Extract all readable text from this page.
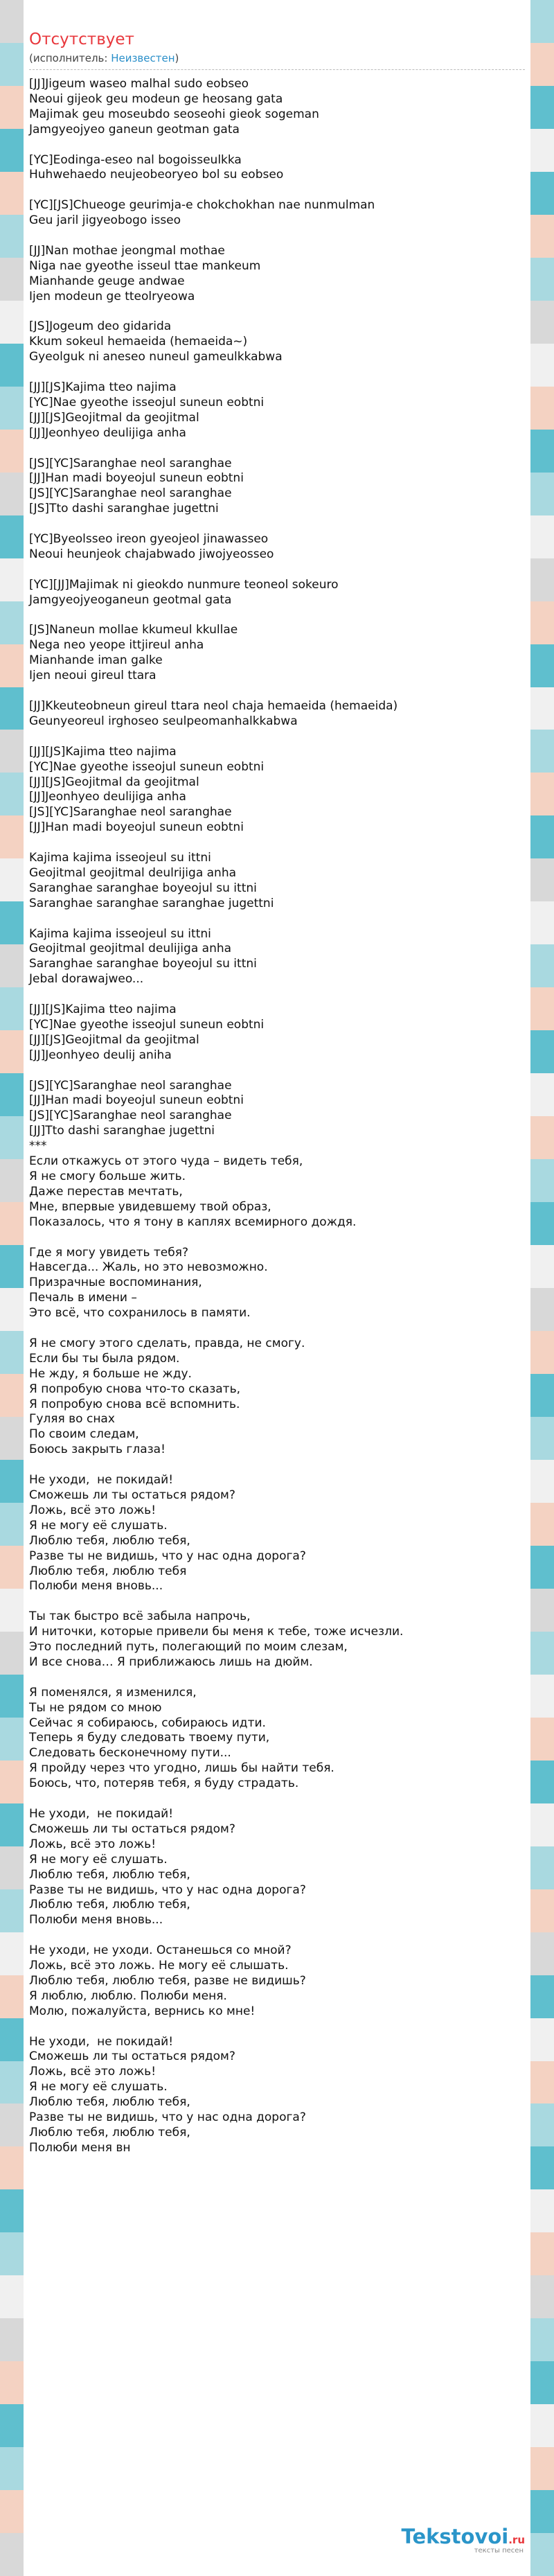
Отсутствует
(исполнитель: Неизвестен)
[JJ]Jigeum waseo malhal sudo eobseo
Neoui gijeok geu modeun ge heosang gata
Majimak geu moseubdo seoseohi gieok sogeman
Jamgyeojyeo ganeun geotman gata
[YC]Eodinga-eseo nal bogoisseulkka
Huhwehaedo neujeobeoryeo bol su eobseo
[YC][JS]Chueoge geurimja-e chokchokhan nae nunmulman
Geu jaril jigyeobogo isseo
[JJ]Nan mothae jeongmal mothae
Niga nae gyeothe isseul ttae mankeum
Mianhande geuge andwae
Ijen modeun ge tteolryeowa
[JS]Jogeum deo gidarida
Kkum sokeul hemaeida (hemaeida~)
Gyeolguk ni aneseo nuneul gameulkkabwa
[JJ][JS]Kajima tteo najima
[YC]Nae gyeothe isseojul suneun eobtni
[JJ][JS]Geojitmal da geojitmal
[JJ]Jeonhyeo deulijiga anha
[JS][YC]Saranghae neol saranghae
[JJ]Han madi boyeojul suneun eobtni
[JS][YC]Saranghae neol saranghae
[JS]Tto dashi saranghae jugettni
[YC]Byeolsseo ireon gyeojeol jinawasseo
Neoui heunjeok chajabwado jiwojyeosseo
[YC][JJ]Majimak ni gieokdo nunmure teoneol sokeuro
Jamgyeojyeoganeun geotmal gata
[JS]Naneun mollae kkumeul kkullae
Nega neo yeope ittjireul anha
Mianhande iman galke
Ijen neoui gireul ttara
[JJ]Kkeuteobneun gireul ttara neol chaja hemaeida (hemaeida)
Geunyeoreul irghoseo seulpeomanhalkkabwa
[JJ][JS]Kajima tteo najima
[YC]Nae gyeothe isseojul suneun eobtni
[JJ][JS]Geojitmal da geojitmal
[JJ]Jeonhyeo deulijiga anha
[JS][YC]Saranghae neol saranghae
[JJ]Han madi boyeojul suneun eobtni
Kajima kajima isseojeul su ittni
Geojitmal geojitmal deulrijiga anha
Saranghae saranghae boyeojul su ittni
Saranghae saranghae saranghae jugettni
Kajima kajima isseojeul su ittni
Geojitmal geojitmal deulijiga anha
Saranghae saranghae boyeojul su ittni
Jebal dorawajweo...
[JJ][JS]Kajima tteo najima
[YC]Nae gyeothe isseojul suneun eobtni
[JJ][JS]Geojitmal da geojitmal
[JJ]Jeonhyeo deulij aniha
[JS][YC]Saranghae neol saranghae
[JJ]Han madi boyeojul suneun eobtni
[JS][YC]Saranghae neol saranghae
[JJ]Tto dashi saranghae jugettni
***
Если откажусь от этого чуда – видеть тебя,
Я не смогу больше жить.
Даже перестав мечтать,
Мне, впервые увидевшему твой образ,
Показалось, что я тону в каплях всемирного дождя.
Где я могу увидеть тебя?
Навсегда... Жаль, но это невозможно.
Призрачные воспоминания,
Печаль в имени –
Это всё, что сохранилось в памяти.
Я не смогу этого сделать, правда, не смогу.
Если бы ты была рядом.
Не жду, я больше не жду.
Я попробую снова что-то сказать,
Я попробую снова всё вспомнить.
Гуляя во снах
По своим следам,
Боюсь закрыть глаза!
Не уходи,  не покидай!
Сможешь ли ты остаться рядом?
Ложь, всё это ложь!
Я не могу её слушать.
Люблю тебя, люблю тебя,
Разве ты не видишь, что у нас одна дорога?
Люблю тебя, люблю тебя
Полюби меня вновь...
Ты так быстро всё забыла напрочь,
И ниточки, которые привели бы меня к тебе, тоже исчезли.
Это последний путь, полегающий по моим слезам,
И все снова… Я приближаюсь лишь на дюйм.
Я поменялся, я изменился,
Ты не рядом со мною
Сейчас я собираюсь, собираюсь идти.
Теперь я буду следовать твоему пути,
Следовать бесконечному пути...
Я пройду через что угодно, лишь бы найти тебя.
Боюсь, что, потеряв тебя, я буду страдать.
Не уходи,  не покидай!
Сможешь ли ты остаться рядом?
Ложь, всё это ложь!
Я не могу её слушать.
Люблю тебя, люблю тебя,
Разве ты не видишь, что у нас одна дорога?
Люблю тебя, люблю тебя,
Полюби меня вновь...
Не уходи, не уходи. Останешься со мной?
Ложь, всё это ложь. Не могу её слышать.
Люблю тебя, люблю тебя, разве не видишь?
Я люблю, люблю. Полюби меня.
Молю, пожалуйста, вернись ко мне!
Не уходи,  не покидай!
Сможешь ли ты остаться рядом?
Ложь, всё это ложь!
Я не могу её слушать.
Люблю тебя, люблю тебя,
Разве ты не видишь, что у нас одна дорога?
Люблю тебя, люблю тебя,
Полюби меня вн
Tekstovoi.ru
тексты песен
